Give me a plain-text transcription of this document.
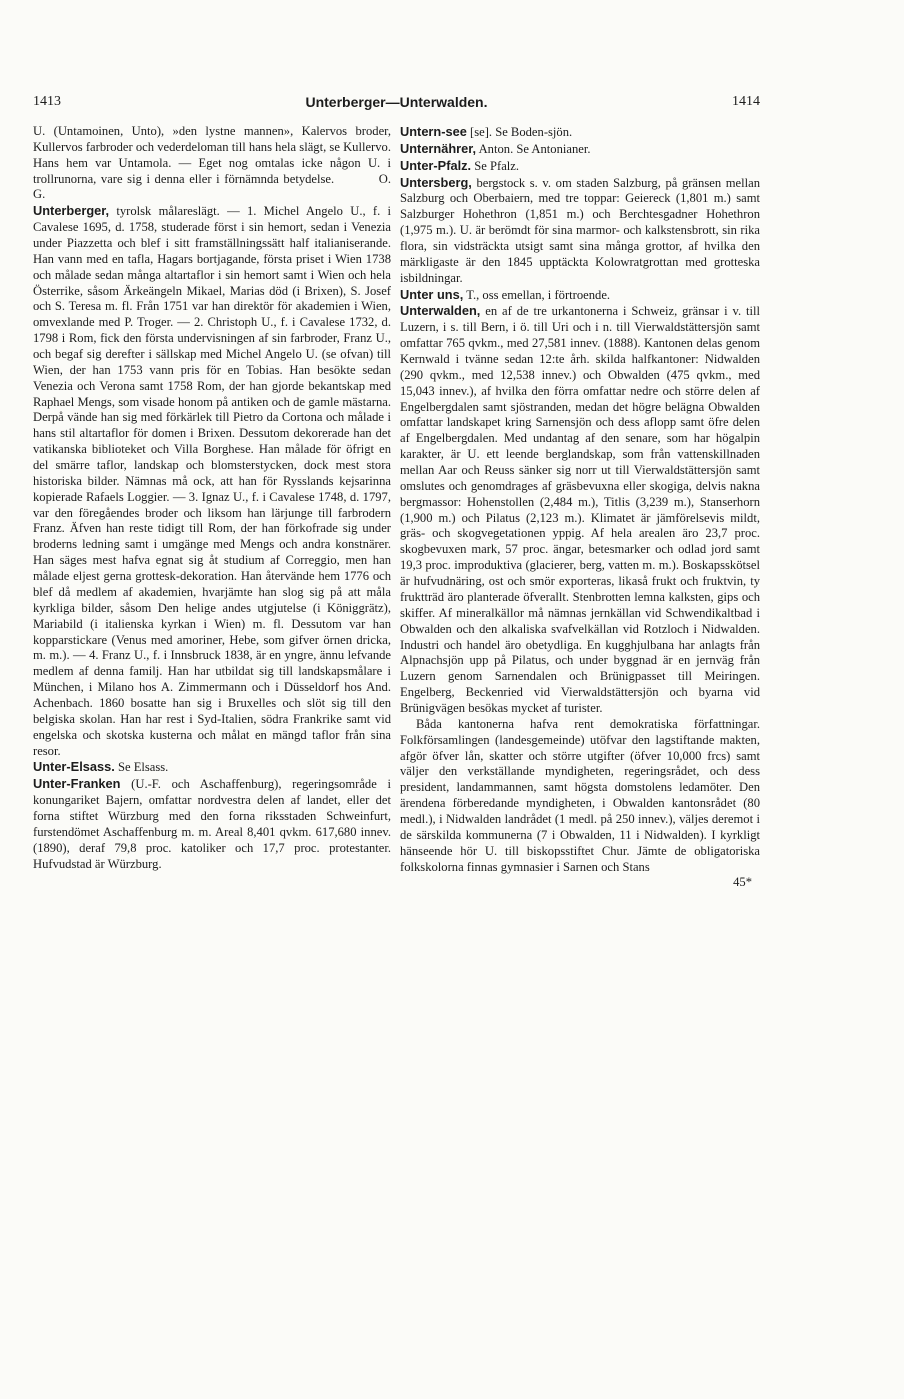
1413	Unterberger—Unterwalden.	1414

U. (Untamoinen, Unto), »den lystne mannen», Kalervos broder, Kullervos farbroder och vederdeloman till hans hela slägt, se Kullervo. Hans hem var Untamola. — Eget nog omtalas icke någon U. i trollrunorna, vare sig i denna eller i förnämnda betydelse.	O. G.

Unterberger, tyrolsk målareslägt. — 1. Michel Angelo U., f. i Cavalese 1695, d. 1758, studerade först i sin hemort, sedan i Venezia under Piazzetta och blef i sitt framställningssätt half italianiserande. Han vann med en tafla, Hagars bortjagande, första priset i Wien 1738 och målade sedan många altartaflor i sin hemort samt i Wien och hela Österrike, såsom Ärkeängeln Mikael, Marias död (i Brixen), S. Josef och S. Teresa m. fl. Från 1751 var han direktör för akademien i Wien, omvexlande med P. Troger. — 2. Christoph U., f. i Cavalese 1732, d. 1798 i Rom, fick den första undervisningen af sin farbroder, Franz U., och begaf sig derefter i sällskap med Michel Angelo U. (se ofvan) till Wien, der han 1753 vann pris för en Tobias. Han besökte sedan Venezia och Verona samt 1758 Rom, der han gjorde bekantskap med Raphael Mengs, som visade honom på antiken och de gamle mästarna. Derpå vände han sig med förkärlek till Pietro da Cortona och målade i hans stil altartaflor för domen i Brixen. Dessutom dekorerade han det vatikanska biblioteket och Villa Borghese. Han målade för öfrigt en del smärre taflor, landskap och blomsterstycken, dock mest stora historiska bilder. Nämnas må ock, att han för Rysslands kejsarinna kopierade Rafaels Loggier. — 3. Ignaz U., f. i Cavalese 1748, d. 1797, var den föregåendes broder och liksom han lärjunge till farbrodern Franz. Äfven han reste tidigt till Rom, der han förkofrade sig under broderns ledning samt i umgänge med Mengs och andra konstnärer. Han säges mest hafva egnat sig åt studium af Correggio, men han målade eljest gerna grottesk-dekoration. Han återvände hem 1776 och blef då medlem af akademien, hvarjämte han slog sig på att måla kyrkliga bilder, såsom Den helige andes utgjutelse (i Königgrätz), Mariabild (i italienska kyrkan i Wien) m. fl. Dessutom var han kopparstickare (Venus med amoriner, Hebe, som gifver örnen dricka, m. m.). — 4. Franz U., f. i Innsbruck 1838, är en yngre, ännu lefvande medlem af denna familj. Han har utbildat sig till landskapsmålare i München, i Milano hos A. Zimmermann och i Düsseldorf hos And. Achenbach. 1860 bosatte han sig i Bruxelles och slöt sig till den belgiska skolan. Han har rest i Syd-Italien, södra Frankrike samt vid engelska och skotska kusterna och målat en mängd taflor från sina resor.

Unter-Elsass. Se Elsass.

Unter-Franken (U.-F. och Aschaffenburg), regeringsområde i konungariket Bajern, omfattar nordvestra delen af landet, eller det forna stiftet Würzburg med den forna riksstaden Schweinfurt, furstendömet Aschaffenburg m. m. Areal 8,401 qvkm. 617,680 innev. (1890), deraf 79,8 proc. katoliker och 17,7 proc. protestanter. Hufvudstad är Würzburg.

Untern-see [se]. Se Boden-sjön.

Unternährer, Anton. Se Antonianer.

Unter-Pfalz. Se Pfalz.

Untersberg, bergstock s. v. om staden Salzburg, på gränsen mellan Salzburg och Oberbaiern, med tre toppar: Geiereck (1,801 m.) samt Salzburger Hohethron (1,851 m.) och Berchtesgadner Hohethron (1,975 m.). U. är berömdt för sina marmor- och kalkstensbrott, sin rika flora, sin vidsträckta utsigt samt sina många grottor, af hvilka den märkligaste är den 1845 upptäckta Kolowratgrottan med grotteska isbildningar.

Unter uns, T., oss emellan, i förtroende.

Unterwalden, en af de tre urkantonerna i Schweiz, gränsar i v. till Luzern, i s. till Bern, i ö. till Uri och i n. till Vierwaldstättersjön samt omfattar 765 qvkm., med 27,581 innev. (1888). Kantonen delas genom Kernwald i tvänne sedan 12:te årh. skilda halfkantoner: Nidwalden (290 qvkm., med 12,538 innev.) och Obwalden (475 qvkm., med 15,043 innev.), af hvilka den förra omfattar nedre och större delen af Engelbergdalen samt sjöstranden, medan det högre belägna Obwalden omfattar landskapet kring Sarnensjön och dess aflopp samt öfre delen af Engelbergdalen. Med undantag af den senare, som har högalpin karakter, är U. ett leende berglandskap, som från vattenskillnaden mellan Aar och Reuss sänker sig norr ut till Vierwaldstättersjön samt omslutes och genomdrages af gräsbevuxna eller skogiga, delvis nakna bergmassor: Hohenstollen (2,484 m.), Titlis (3,239 m.), Stanserhorn (1,900 m.) och Pilatus (2,123 m.). Klimatet är jämförelsevis mildt, gräs- och skogvegetationen yppig. Af hela arealen äro 23,7 proc. skogbevuxen mark, 57 proc. ängar, betesmarker och odlad jord samt 19,3 proc. improduktiva (glacierer, berg, vatten m. m.). Boskapsskötsel är hufvudnäring, ost och smör exporteras, likaså frukt och fruktvin, ty fruktträd äro planterade öfverallt. Stenbrotten lemna kalksten, gips och skiffer. Af mineralkällor må nämnas jernkällan vid Schwendikaltbad i Obwalden och den alkaliska svafvelkällan vid Rotzloch i Nidwalden. Industri och handel äro obetydliga. En kugghjulbana har anlagts från Alpnachsjön upp på Pilatus, och under byggnad är en jernväg från Luzern genom Sarnendalen och Brünigpasset till Meiringen. Engelberg, Beckenried vid Vierwaldstättersjön och byarna vid Brünigvägen besökas mycket af turister.

Båda kantonerna hafva rent demokratiska författningar. Folkförsamlingen (landesgemeinde) utöfvar den lagstiftande makten, afgör öfver lån, skatter och större utgifter (öfver 10,000 frcs) samt väljer den verkställande myndigheten, regeringsrådet, och dess president, landammannen, samt högsta domstolens ledamöter. Den ärendena förberedande myndigheten, i Obwalden kantonsrådet (80 medl.), i Nidwalden landrådet (1 medl. på 250 innev.), väljes deremot i de särskilda kommunerna (7 i Obwalden, 11 i Nidwalden). I kyrkligt hänseende hör U. till biskopsstiftet Chur. Jämte de obligatoriska folkskolorna finnas gymnasier i Sarnen och Stans

45*
